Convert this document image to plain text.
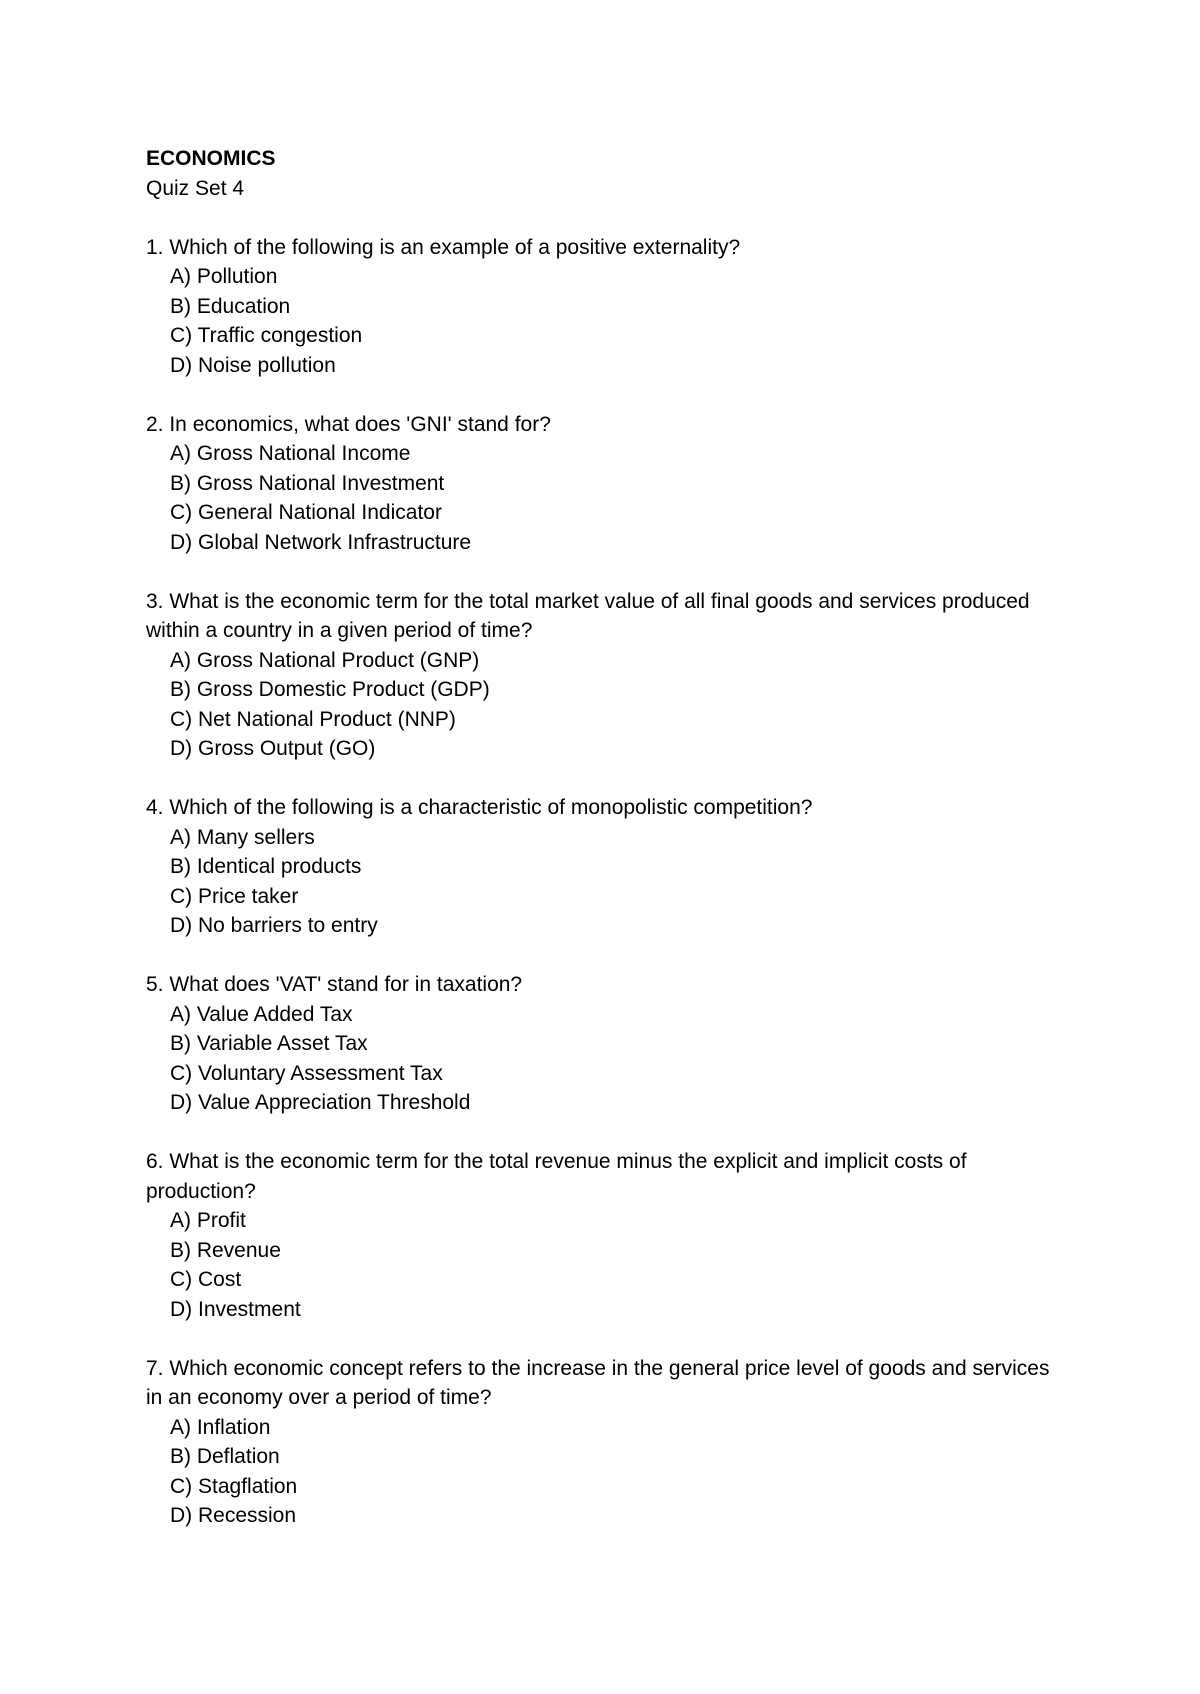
ECONOMICS
Quiz Set 4
1. Which of the following is an example of a positive externality?
A) Pollution
B) Education
C) Traffic congestion
D) Noise pollution
2. In economics, what does 'GNI' stand for?
A) Gross National Income
B) Gross National Investment
C) General National Indicator
D) Global Network Infrastructure
3. What is the economic term for the total market value of all final goods and services produced within a country in a given period of time?
A) Gross National Product (GNP)
B) Gross Domestic Product (GDP)
C) Net National Product (NNP)
D) Gross Output (GO)
4. Which of the following is a characteristic of monopolistic competition?
A) Many sellers
B) Identical products
C) Price taker
D) No barriers to entry
5. What does 'VAT' stand for in taxation?
A) Value Added Tax
B) Variable Asset Tax
C) Voluntary Assessment Tax
D) Value Appreciation Threshold
6. What is the economic term for the total revenue minus the explicit and implicit costs of production?
A) Profit
B) Revenue
C) Cost
D) Investment
7. Which economic concept refers to the increase in the general price level of goods and services in an economy over a period of time?
A) Inflation
B) Deflation
C) Stagflation
D) Recession
